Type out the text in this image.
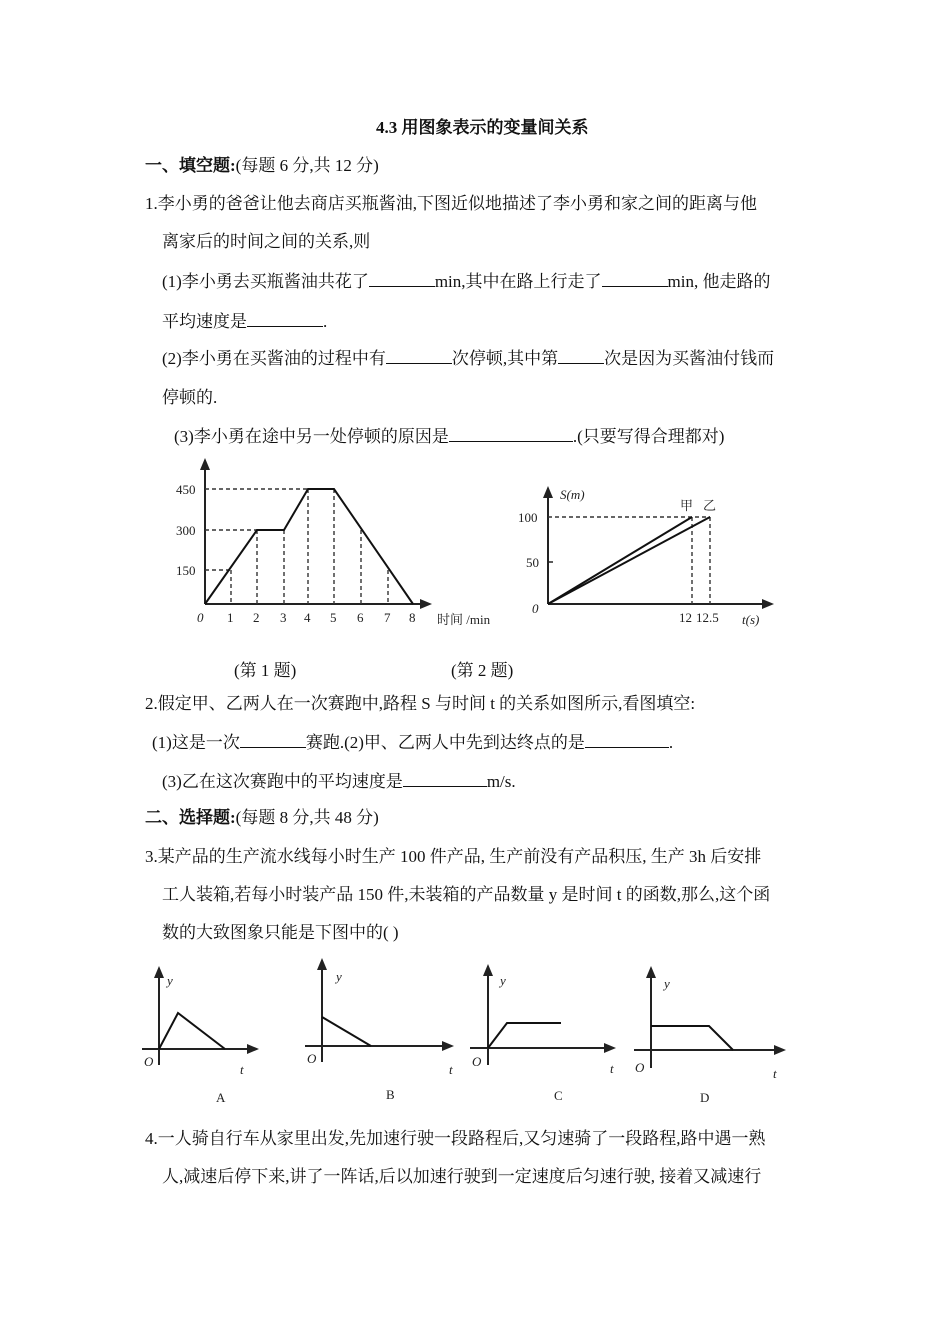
4.3 用图象表示的变量间关系
一、填空题:(每题 6 分,共 12 分)
1.李小勇的爸爸让他去商店买瓶酱油,下图近似地描述了李小勇和家之间的距离与他
离家后的时间之间的关系,则
(1)李小勇去买瓶酱油共花了	min,其中在路上行走了	min, 他走路的
平均速度是	.
(2)李小勇在买酱油的过程中有	次停顿,其中第	次是因为买酱油付钱而
停顿的.
(3)李小勇在途中另一处停顿的原因是	.(只要写得合理都对)
450
300
150
0 1 2 3 4 5 6 7 8 时间 /min
S(m)
100
50
0
12 12.5 t(s)
甲 乙
(第 1 题)	(第 2 题)
2.假定甲、乙两人在一次赛跑中,路程 S 与时间 t 的关系如图所示,看图填空:
(1)这是一次	赛跑.(2)甲、乙两人中先到达终点的是	.
(3)乙在这次赛跑中的平均速度是	m/s.
二、选择题:(每题 8 分,共 48 分)
3.某产品的生产流水线每小时生产 100 件产品, 生产前没有产品积压, 生产 3h 后安排
工人装箱,若每小时装产品 150 件,未装箱的产品数量 y 是时间 t 的函数,那么,这个函
数的大致图象只能是下图中的( )
y
O
t
A
y
O
t
B
y
O	t
C
y
O	t
D
4.一人骑自行车从家里出发,先加速行驶一段路程后,又匀速骑了一段路程,路中遇一熟
人,减速后停下来,讲了一阵话,后以加速行驶到一定速度后匀速行驶, 接着又减速行
